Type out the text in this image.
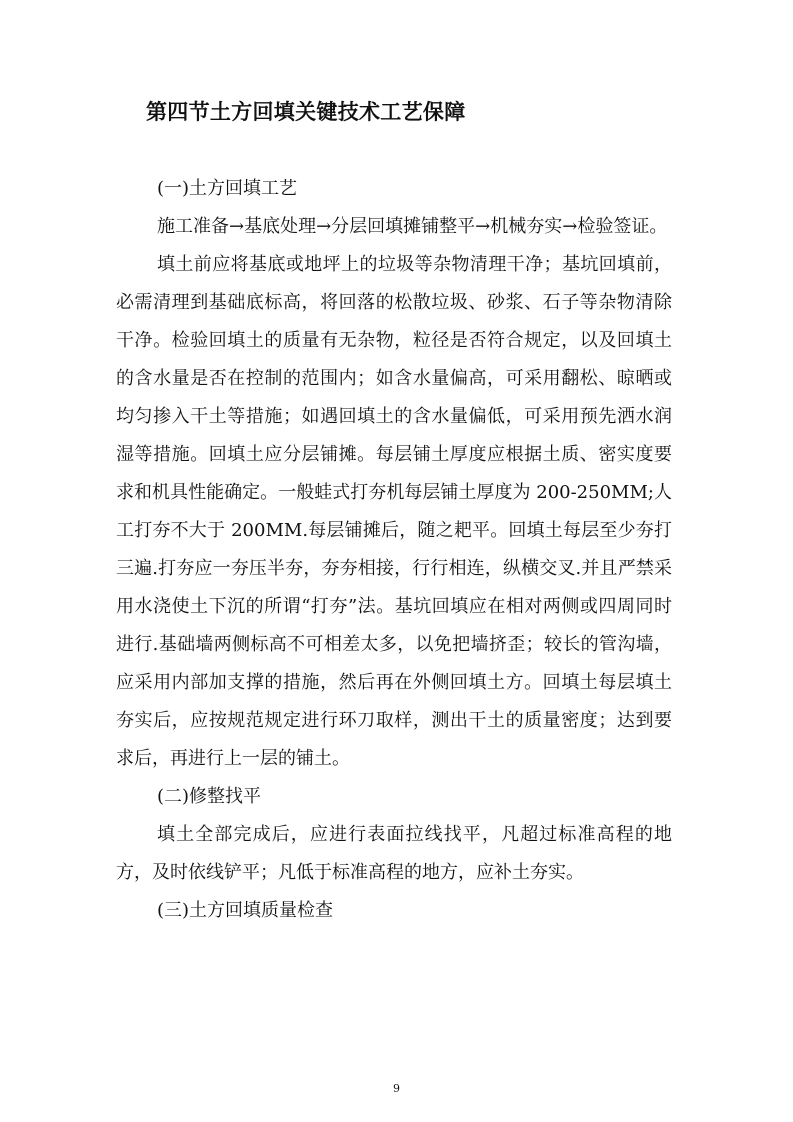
第四节土方回填关键技术工艺保障

(一)土方回填工艺

施工准备→基底处理→分层回填摊铺整平→机械夯实→检验签证。

填土前应将基底或地坪上的垃圾等杂物清理干净；基坑回填前，必需清理到基础底标高，将回落的松散垃圾、砂浆、石子等杂物清除干净。检验回填土的质量有无杂物，粒径是否符合规定，以及回填土的含水量是否在控制的范围内；如含水量偏高，可采用翻松、晾晒或均匀掺入干土等措施；如遇回填土的含水量偏低，可采用预先洒水润湿等措施。回填土应分层铺摊。每层铺土厚度应根据土质、密实度要求和机具性能确定。一般蛙式打夯机每层铺土厚度为 200-250MM;人工打夯不大于 200MM.每层铺摊后，随之耙平。回填土每层至少夯打三遍.打夯应一夯压半夯，夯夯相接，行行相连，纵横交叉.并且严禁采用水浇使土下沉的所谓“打夯”法。基坑回填应在相对两侧或四周同时进行.基础墙两侧标高不可相差太多，以免把墙挤歪；较长的管沟墙，应采用内部加支撑的措施，然后再在外侧回填土方。回填土每层填土夯实后，应按规范规定进行环刀取样，测出干土的质量密度；达到要求后，再进行上一层的铺土。

(二)修整找平

填土全部完成后，应进行表面拉线找平，凡超过标准高程的地方，及时依线铲平；凡低于标准高程的地方，应补土夯实。

(三)土方回填质量检查

9
